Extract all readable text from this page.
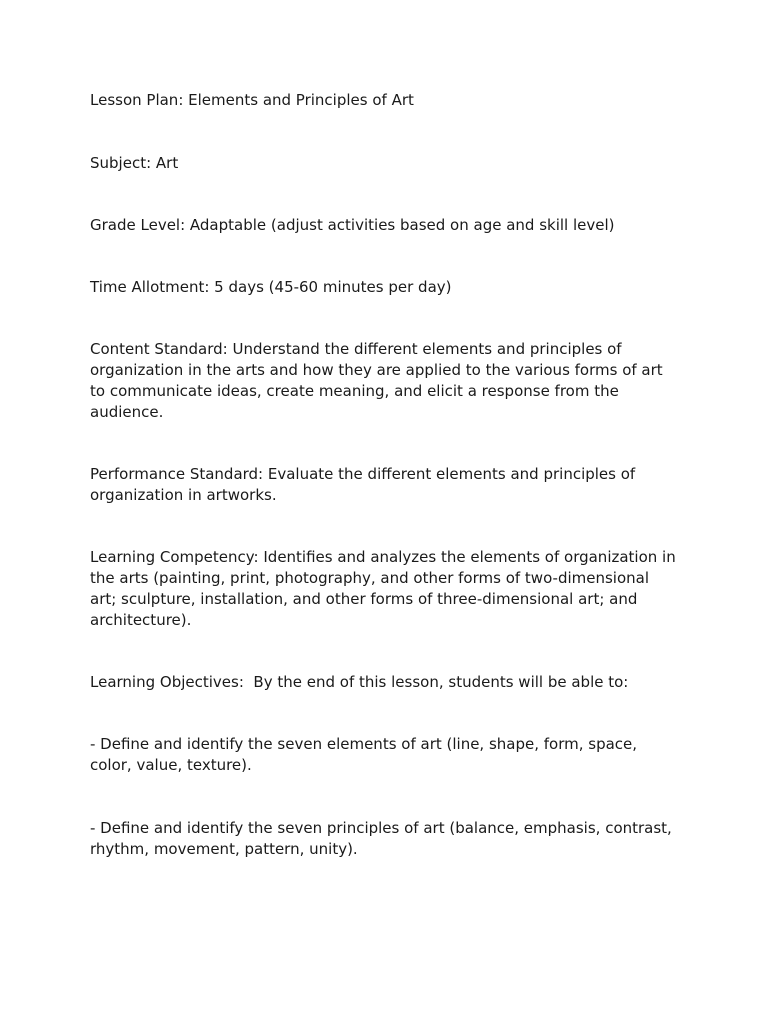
Lesson Plan: Elements and Principles of Art

Subject: Art

Grade Level: Adaptable (adjust activities based on age and skill level)

Time Allotment: 5 days (45-60 minutes per day)

Content Standard: Understand the different elements and principles of organization in the arts and how they are applied to the various forms of art to communicate ideas, create meaning, and elicit a response from the audience.

Performance Standard: Evaluate the different elements and principles of organization in artworks.

Learning Competency: Identifies and analyzes the elements of organization in the arts (painting, print, photography, and other forms of two-dimensional art; sculpture, installation, and other forms of three-dimensional art; and architecture).

Learning Objectives:  By the end of this lesson, students will be able to:

- Define and identify the seven elements of art (line, shape, form, space, color, value, texture).

- Define and identify the seven principles of art (balance, emphasis, contrast, rhythm, movement, pattern, unity).
